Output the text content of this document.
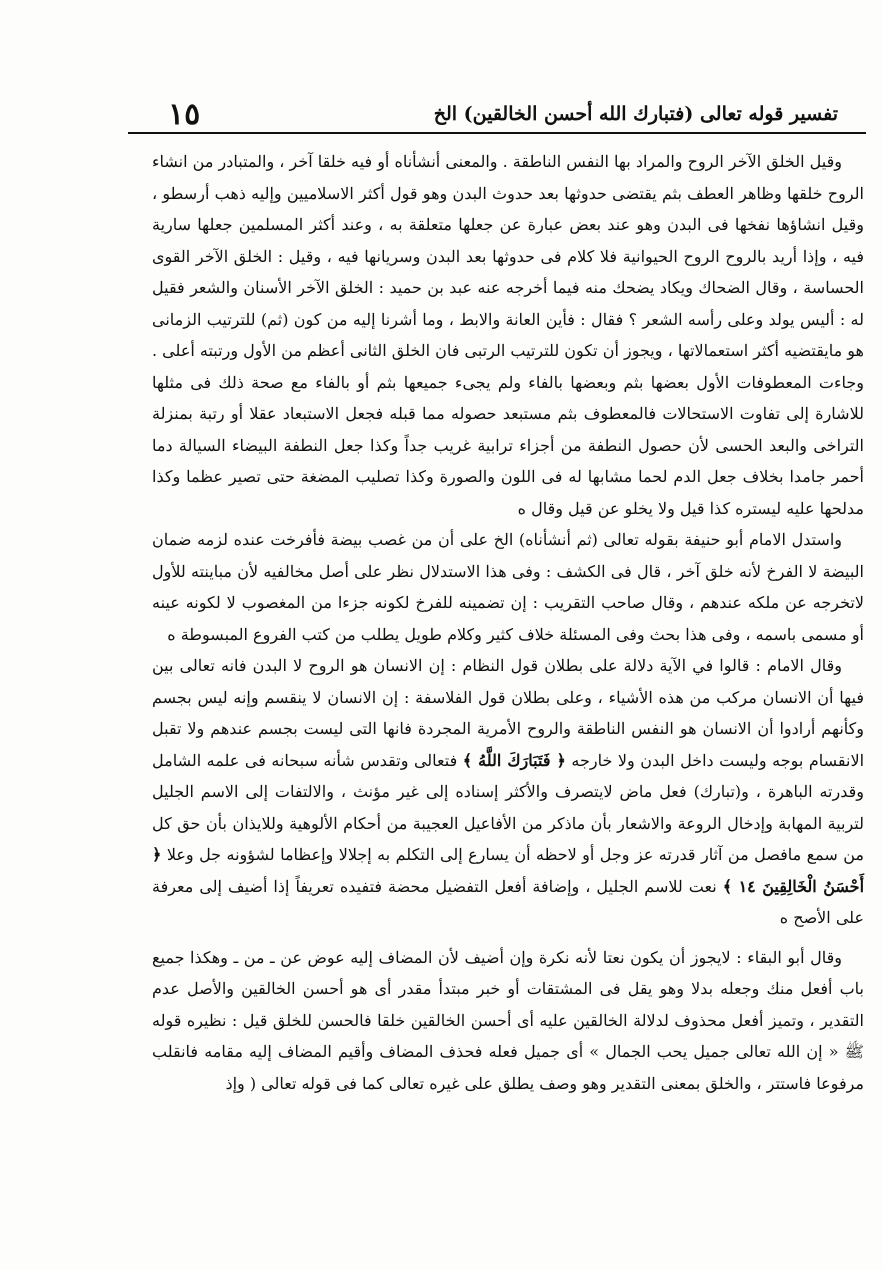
تفسير قوله تعالى (فتبارك الله أحسن الخالقين) الخ
١٥

وقيل الخلق الآخر الروح والمراد بها النفس الناطقة . والمعنى أنشأناه أو فيه خلقا آخر ، والمتبادر من انشاء الروح خلقها وظاهر العطف بثم يقتضى حدوثها بعد حدوث البدن وهو قول أكثر الاسلاميين وإليه ذهب أرسطو ، وقيل انشاؤها نفخها فى البدن وهو عند بعض عبارة عن جعلها متعلقة به ، وعند أكثر المسلمين جعلها سارية فيه ، وإذا أريد بالروح الروح الحيوانية فلا كلام فى حدوثها بعد البدن وسريانها فيه ، وقيل : الخلق الآخر القوى الحساسة ، وقال الضحاك ويكاد يضحك منه فيما أخرجه عنه عبد بن حميد : الخلق الآخر الأسنان والشعر فقيل له : أليس يولد وعلى رأسه الشعر ؟ فقال : فأين العانة والابط ، وما أشرنا إليه من كون (ثم) للترتيب الزمانى هو مايقتضيه أكثر استعمالاتها ، ويجوز أن تكون للترتيب الرتبى فان الخلق الثانى أعظم من الأول ورتبته أعلى . وجاءت المعطوفات الأول بعضها بثم وبعضها بالفاء ولم يجىء جميعها بثم أو بالفاء مع صحة ذلك فى مثلها للاشارة إلى تفاوت الاستحالات فالمعطوف بثم مستبعد حصوله مما قبله فجعل الاستبعاد عقلا أو رتبة بمنزلة التراخى والبعد الحسى لأن حصول النطفة من أجزاء ترابية غريب جداً وكذا جعل النطفة البيضاء السيالة دما أحمر جامدا بخلاف جعل الدم لحما مشابها له فى اللون والصورة وكذا تصليب المضغة حتى تصير عظما وكذا مدلحها عليه ليستره كذا قيل ولا يخلو عن قيل وقال ه

واستدل الامام أبو حنيفة بقوله تعالى (ثم أنشأناه) الخ على أن من غصب بيضة فأفرخت عنده لزمه ضمان البيضة لا الفرخ لأنه خلق آخر ، قال فى الكشف : وفى هذا الاستدلال نظر على أصل مخالفيه لأن مباينته للأول لاتخرجه عن ملكه عندهم ، وقال صاحب التقريب : إن تضمينه للفرخ لكونه جزءا من المغصوب لا لكونه عينه أو مسمى باسمه ، وفى هذا بحث وفى المسئلة خلاف كثير وكلام طويل يطلب من كتب الفروع المبسوطة ه

وقال الامام : قالوا في الآية دلالة على بطلان قول النظام : إن الانسان هو الروح لا البدن فانه تعالى بين فيها أن الانسان مركب من هذه الأشياء ، وعلى بطلان قول الفلاسفة : إن الانسان لا ينقسم وإنه ليس بجسم وكأنهم أرادوا أن الانسان هو النفس الناطقة والروح الأمرية المجردة فانها التى ليست بجسم عندهم ولا تقبل الانقسام بوجه وليست داخل البدن ولا خارجه ﴿ فَتَبَارَكَ اللَّهُ ﴾ فتعالى وتقدس شأنه سبحانه فى علمه الشامل وقدرته الباهرة ، و(تبارك) فعل ماض لايتصرف والأكثر إسناده إلى غير مؤنث ، والالتفات إلى الاسم الجليل لتربية المهابة وإدخال الروعة والاشعار بأن ماذكر من الأفاعيل العجيبة من أحكام الألوهية وللايذان بأن حق كل من سمع مافصل من آثار قدرته عز وجل أو لاحظه أن يسارع إلى التكلم به إجلالا وإعظاما لشؤونه جل وعلا ﴿ أَحْسَنُ الْخَالِقِينَ ١٤ ﴾ نعت للاسم الجليل ، وإضافة أفعل التفضيل محضة فتفيده تعريفاً إذا أضيف إلى معرفة على الأصح ه

وقال أبو البقاء : لايجوز أن يكون نعتا لأنه نكرة وإن أضيف لأن المضاف إليه عوض عن ـ من ـ وهكذا جميع باب أفعل منك وجعله بدلا وهو يقل فى المشتقات أو خبر مبتدأ مقدر أى هو أحسن الخالقين والأصل عدم التقدير ، وتميز أفعل محذوف لدلالة الخالقين عليه أى أحسن الخالقين خلقا فالحسن للخلق قيل : نظيره قوله ﷺ « إن الله تعالى جميل يحب الجمال » أى جميل فعله فحذف المضاف وأقيم المضاف إليه مقامه فانقلب مرفوعا فاستتر ، والخلق بمعنى التقدير وهو وصف يطلق على غيره تعالى كما فى قوله تعالى ( وإذ
